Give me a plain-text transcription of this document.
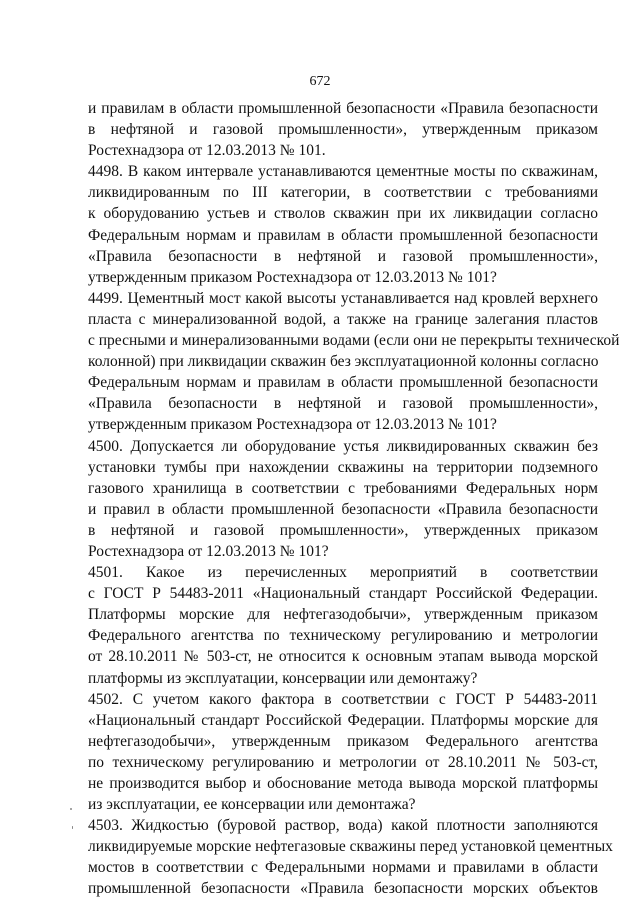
672
и правилам в области промышленной безопасности «Правила безопасности
в нефтяной и газовой промышленности», утвержденным приказом
Ростехнадзора от 12.03.2013 № 101.
4498. В каком интервале устанавливаются цементные мосты по скважинам,
ликвидированным по III категории, в соответствии с требованиями
к оборудованию устьев и стволов скважин при их ликвидации согласно
Федеральным нормам и правилам в области промышленной безопасности
«Правила безопасности в нефтяной и газовой промышленности»,
утвержденным приказом Ростехнадзора от 12.03.2013 № 101?
4499. Цементный мост какой высоты устанавливается над кровлей верхнего
пласта с минерализованной водой, а также на границе залегания пластов
с пресными и минерализованными водами (если они не перекрыты технической
колонной) при ликвидации скважин без эксплуатационной колонны согласно
Федеральным нормам и правилам в области промышленной безопасности
«Правила безопасности в нефтяной и газовой промышленности»,
утвержденным приказом Ростехнадзора от 12.03.2013 № 101?
4500. Допускается ли оборудование устья ликвидированных скважин без
установки тумбы при нахождении скважины на территории подземного
газового хранилища в соответствии с требованиями Федеральных норм
и правил в области промышленной безопасности «Правила безопасности
в нефтяной и газовой промышленности», утвержденных приказом
Ростехнадзора от 12.03.2013 № 101?
4501. Какое из перечисленных мероприятий в соответствии
с ГОСТ Р 54483-2011 «Национальный стандарт Российской Федерации.
Платформы морские для нефтегазодобычи», утвержденным приказом
Федерального агентства по техническому регулированию и метрологии
от 28.10.2011 № 503-ст, не относится к основным этапам вывода морской
платформы из эксплуатации, консервации или демонтажу?
4502. С учетом какого фактора в соответствии с ГОСТ Р 54483-2011
«Национальный стандарт Российской Федерации. Платформы морские для
нефтегазодобычи», утвержденным приказом Федерального агентства
по техническому регулированию и метрологии от 28.10.2011 № 503-ст,
не производится выбор и обоснование метода вывода морской платформы
из эксплуатации, ее консервации или демонтажа?
4503. Жидкостью (буровой раствор, вода) какой плотности заполняются
ликвидируемые морские нефтегазовые скважины перед установкой цементных
мостов в соответствии с Федеральными нормами и правилами в области
промышленной безопасности «Правила безопасности морских объектов
